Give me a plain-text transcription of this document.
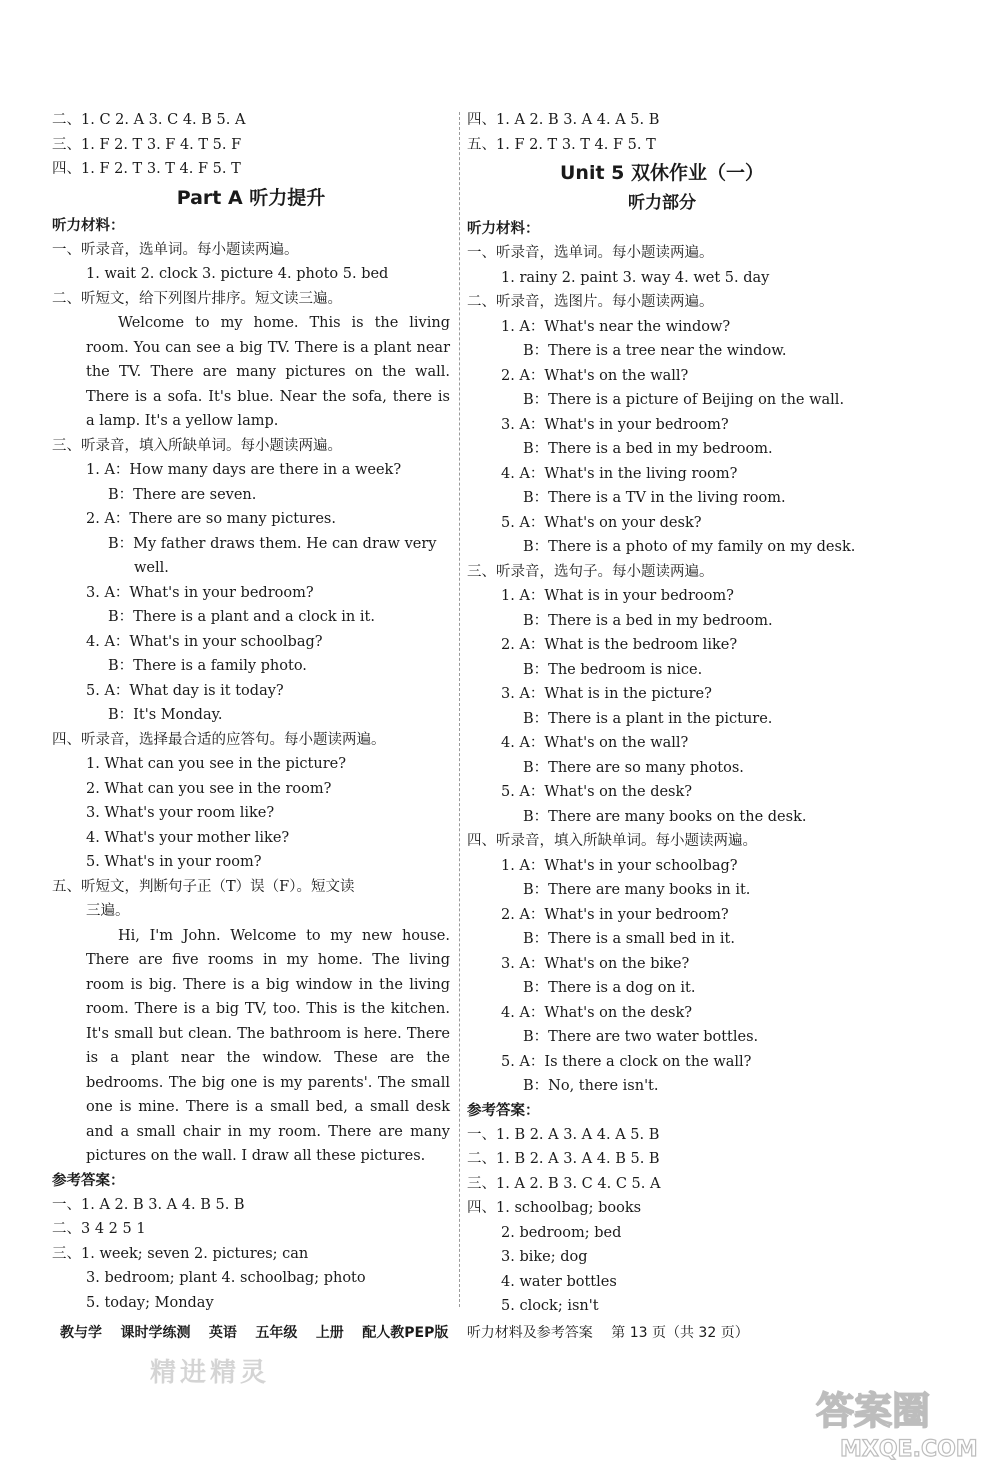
二、1. C 2. A 3. C 4. B 5. A
三、1. F 2. T 3. F 4. T 5. F
四、1. F 2. T 3. T 4. F 5. T
Part A 听力提升
听力材料：
一、听录音，选单词。每小题读两遍。
1. wait 2. clock 3. picture 4. photo 5. bed
二、听短文，给下列图片排序。短文读三遍。
Welcome to my home. This is the living room. You can see a big TV. There is a plant near the TV. There are many pictures on the wall. There is a sofa. It's blue. Near the sofa, there is a lamp. It's a yellow lamp.
三、听录音，填入所缺单词。每小题读两遍。
1. A：How many days are there in a week?
B：There are seven.
2. A：There are so many pictures.
B：My father draws them. He can draw very
well.
3. A：What's in your bedroom?
B：There is a plant and a clock in it.
4. A：What's in your schoolbag?
B：There is a family photo.
5. A：What day is it today?
B：It's Monday.
四、听录音，选择最合适的应答句。每小题读两遍。
1. What can you see in the picture?
2. What can you see in the room?
3. What's your room like?
4. What's your mother like?
5. What's in your room?
五、听短文，判断句子正（T）误（F）。短文读
三遍。
Hi, I'm John. Welcome to my new house. There are five rooms in my home. The living room is big. There is a big window in the living room. There is a big TV, too. This is the kitchen. It's small but clean. The bathroom is here. There is a plant near the window. These are the bedrooms. The big one is my parents'. The small one is mine. There is a small bed, a small desk and a small chair in my room. There are many pictures on the wall. I draw all these pictures.
参考答案：
一、1. A 2. B 3. A 4. B 5. B
二、3 4 2 5 1
三、1. week; seven 2. pictures; can
3. bedroom; plant 4. schoolbag; photo
5. today; Monday
四、1. A 2. B 3. A 4. A 5. B
五、1. F 2. T 3. T 4. F 5. T
Unit 5 双休作业（一）
听力部分
听力材料：
一、听录音，选单词。每小题读两遍。
1. rainy 2. paint 3. way 4. wet 5. day
二、听录音，选图片。每小题读两遍。
1. A：What's near the window?
B：There is a tree near the window.
2. A：What's on the wall?
B：There is a picture of Beijing on the wall.
3. A：What's in your bedroom?
B：There is a bed in my bedroom.
4. A：What's in the living room?
B：There is a TV in the living room.
5. A：What's on your desk?
B：There is a photo of my family on my desk.
三、听录音，选句子。每小题读两遍。
1. A：What is in your bedroom?
B：There is a bed in my bedroom.
2. A：What is the bedroom like?
B：The bedroom is nice.
3. A：What is in the picture?
B：There is a plant in the picture.
4. A：What's on the wall?
B：There are so many photos.
5. A：What's on the desk?
B：There are many books on the desk.
四、听录音，填入所缺单词。每小题读两遍。
1. A：What's in your schoolbag?
B：There are many books in it.
2. A：What's in your bedroom?
B：There is a small bed in it.
3. A：What's on the bike?
B：There is a dog on it.
4. A：What's on the desk?
B：There are two water bottles.
5. A：Is there a clock on the wall?
B：No, there isn't.
参考答案：
一、1. B 2. A 3. A 4. A 5. B
二、1. B 2. A 3. A 4. B 5. B
三、1. A 2. B 3. C 4. C 5. A
四、1. schoolbag; books
2. bedroom; bed
3. bike; dog
4. water bottles
5. clock; isn't
教与学 课时学练测 英语 五年级 上册 配人教PEP版 听力材料及参考答案 第 13 页（共 32 页）
精进精灵
答案圈
MXQE.COM
